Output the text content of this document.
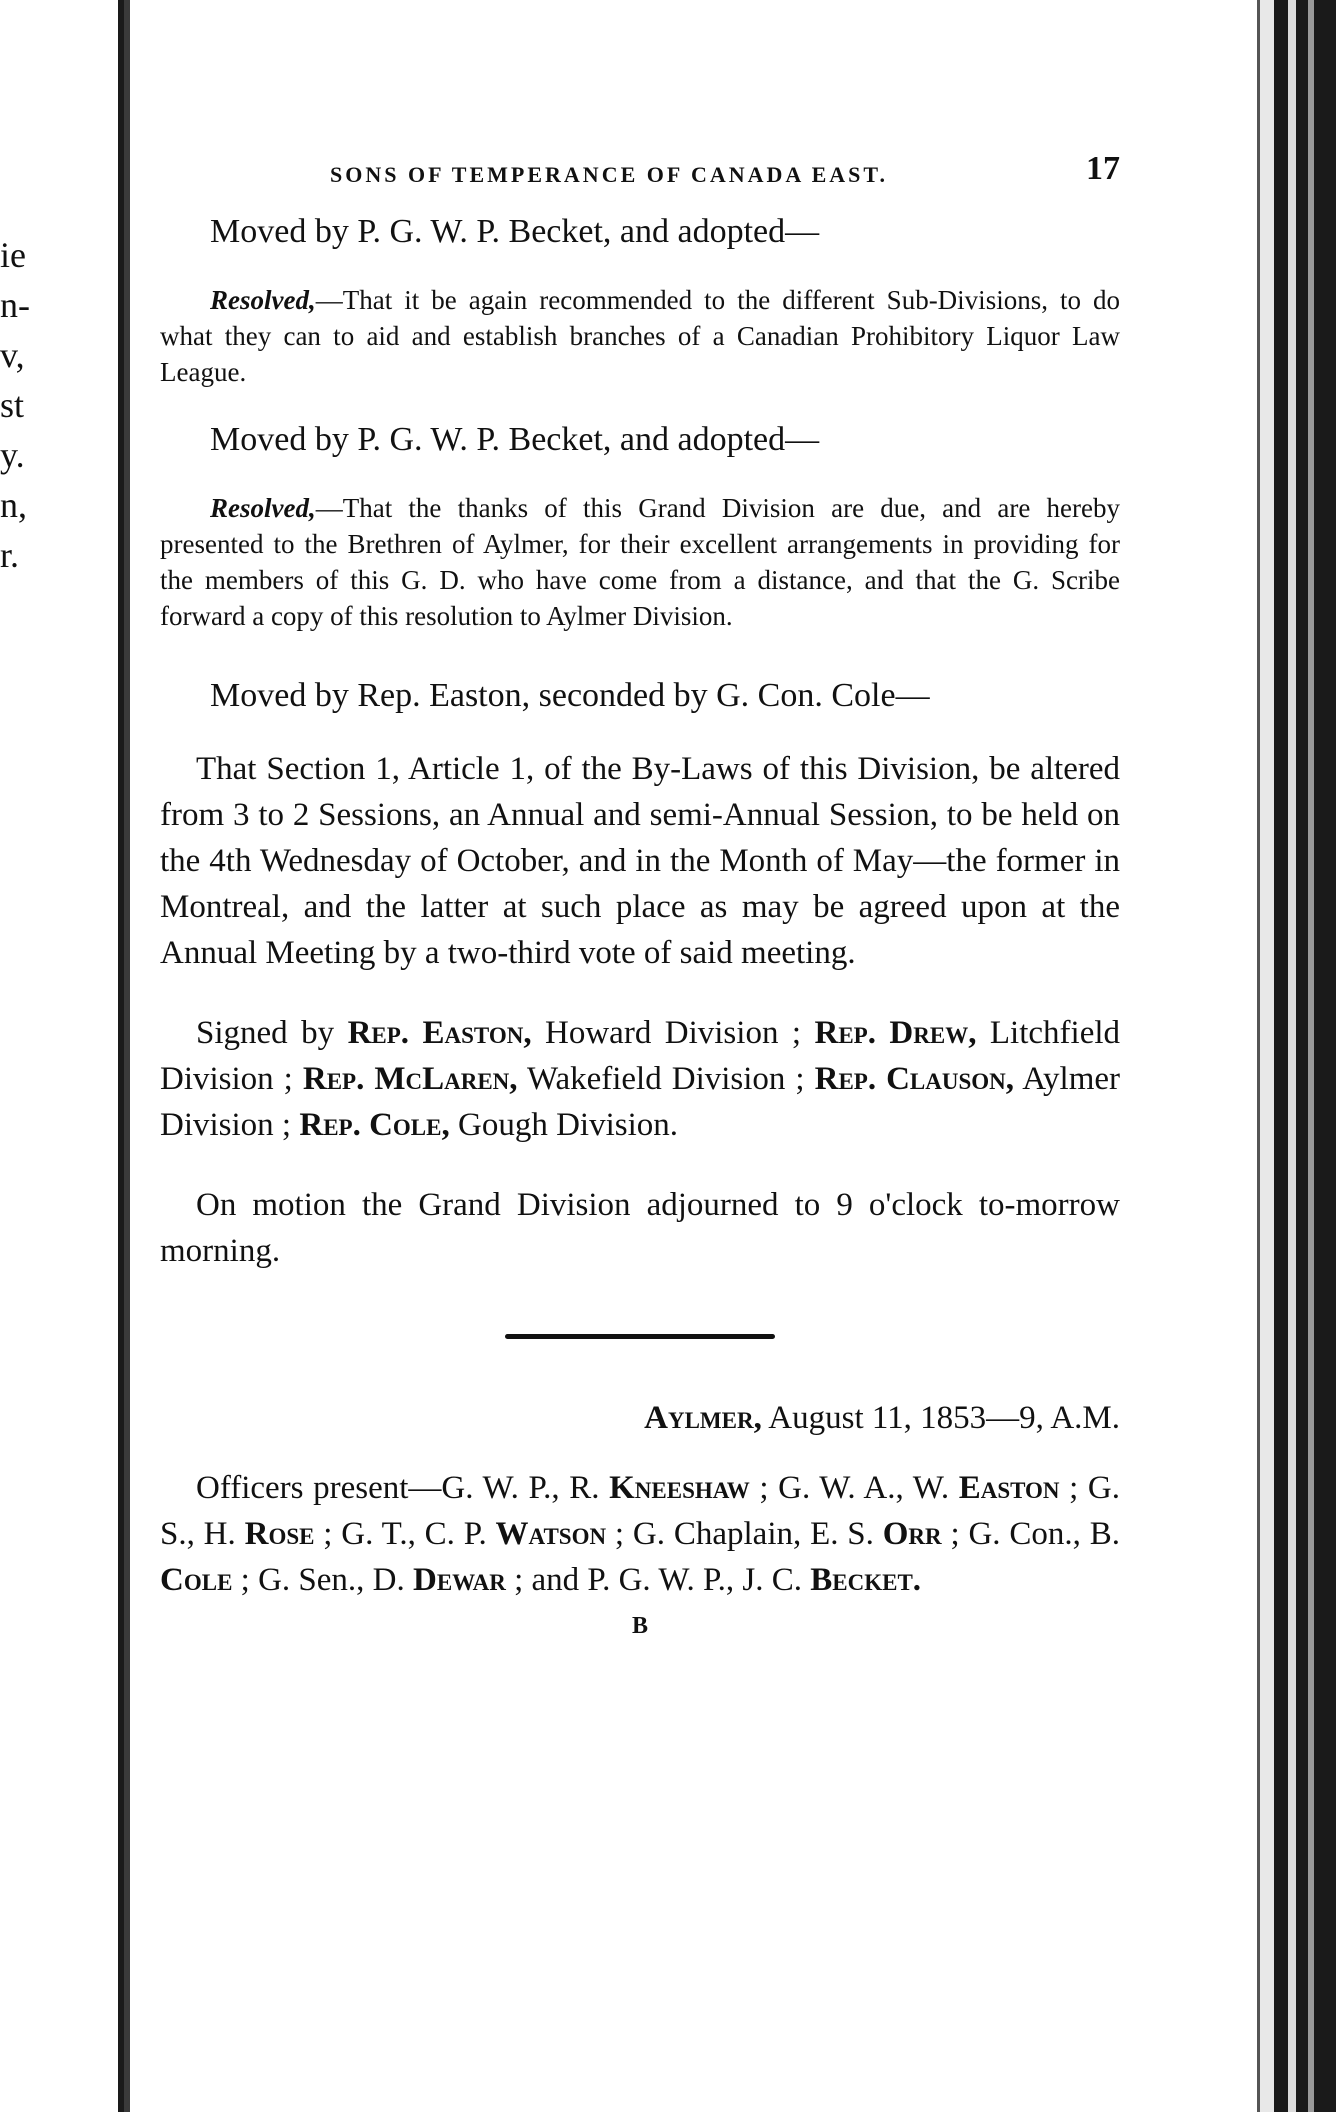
ie
n-
v,
st
y.
n,
r.
SONS OF TEMPERANCE OF CANADA EAST.	17

Moved by P. G. W. P. Becket, and adopted—

Resolved,—That it be again recommended to the different Sub-Divisions, to do what they can to aid and establish branches of a Canadian Prohibitory Liquor Law League.

Moved by P. G. W. P. Becket, and adopted—

Resolved,—That the thanks of this Grand Division are due, and are hereby presented to the Brethren of Aylmer, for their excellent arrangements in providing for the members of this G. D. who have come from a distance, and that the G. Scribe forward a copy of this resolution to Aylmer Division.

Moved by Rep. Easton, seconded by G. Con. Cole—

That Section 1, Article 1, of the By-Laws of this Division, be altered from 3 to 2 Sessions, an Annual and semi-Annual Session, to be held on the 4th Wednesday of October, and in the Month of May—the former in Montreal, and the latter at such place as may be agreed upon at the Annual Meeting by a two-third vote of said meeting.

Signed by Rep. Easton, Howard Division ; Rep. Drew, Litchfield Division ; Rep. McLaren, Wakefield Division ; Rep. Clauson, Aylmer Division ; Rep. Cole, Gough Division.

On motion the Grand Division adjourned to 9 o'clock to-morrow morning.

Aylmer, August 11, 1853—9, A.M.

Officers present—G. W. P., R. Kneeshaw ; G. W. A., W. Easton ; G. S., H. Rose ; G. T., C. P. Watson ; G. Chaplain, E. S. Orr ; G. Con., B. Cole ; G. Sen., D. Dewar ; and P. G. W. P., J. C. Becket.

B
